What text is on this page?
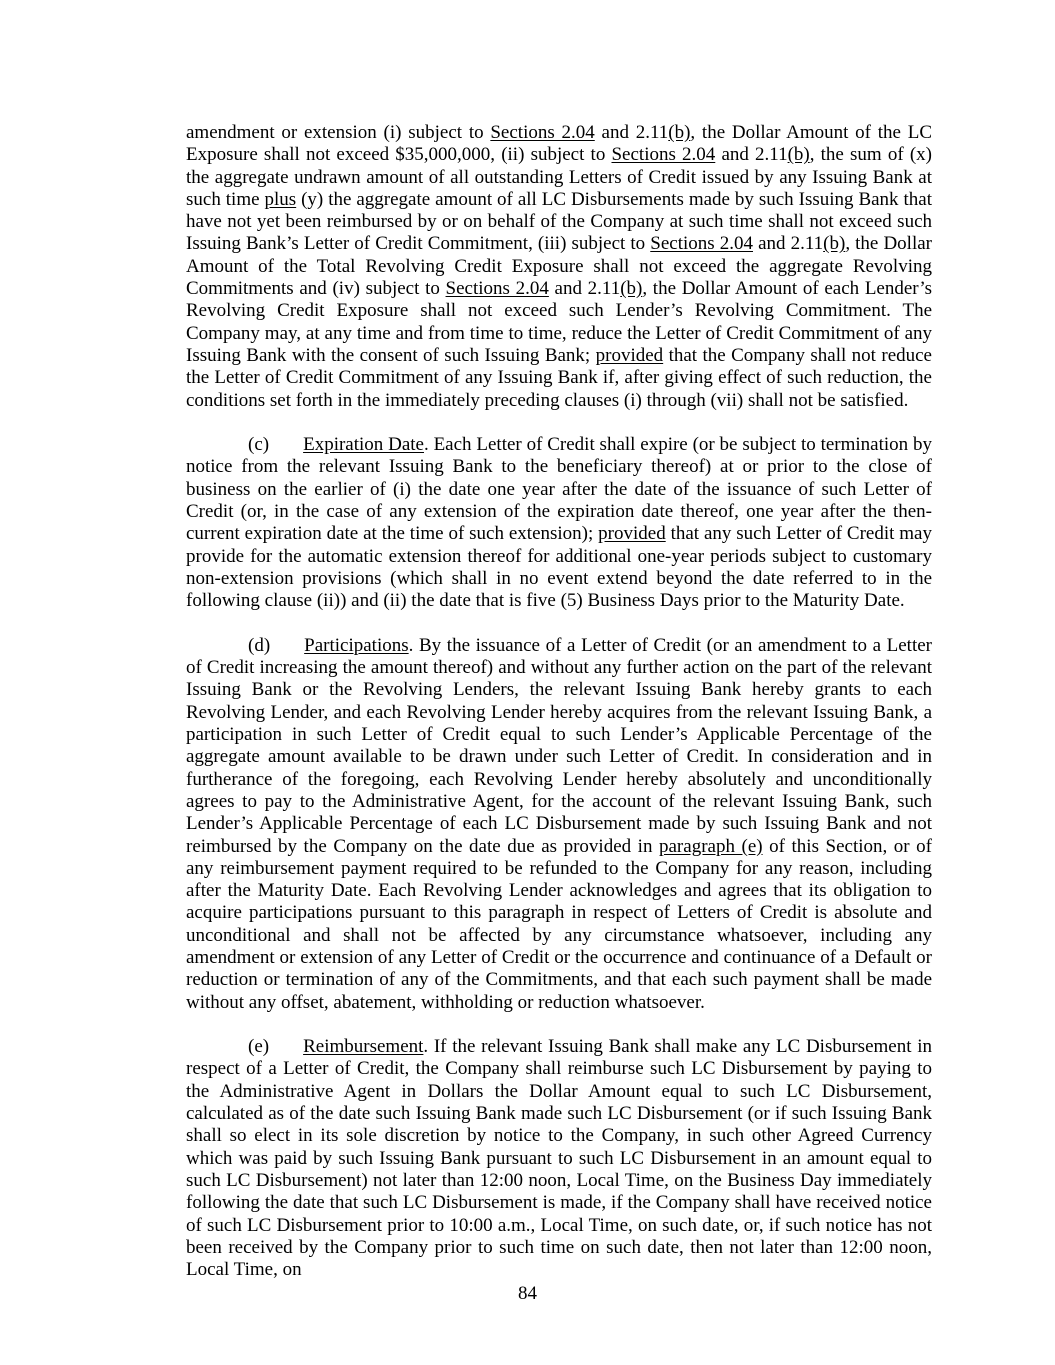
amendment or extension (i) subject to Sections 2.04 and 2.11(b), the Dollar Amount of the LC Exposure shall not exceed $35,000,000, (ii) subject to Sections 2.04 and 2.11(b), the sum of (x) the aggregate undrawn amount of all outstanding Letters of Credit issued by any Issuing Bank at such time plus (y) the aggregate amount of all LC Disbursements made by such Issuing Bank that have not yet been reimbursed by or on behalf of the Company at such time shall not exceed such Issuing Bank’s Letter of Credit Commitment, (iii) subject to Sections 2.04 and 2.11(b), the Dollar Amount of the Total Revolving Credit Exposure shall not exceed the aggregate Revolving Commitments and (iv) subject to Sections 2.04 and 2.11(b), the Dollar Amount of each Lender’s Revolving Credit Exposure shall not exceed such Lender’s Revolving Commitment. The Company may, at any time and from time to time, reduce the Letter of Credit Commitment of any Issuing Bank with the consent of such Issuing Bank; provided that the Company shall not reduce the Letter of Credit Commitment of any Issuing Bank if, after giving effect of such reduction, the conditions set forth in the immediately preceding clauses (i) through (vii) shall not be satisfied.

(c) Expiration Date. Each Letter of Credit shall expire (or be subject to termination by notice from the relevant Issuing Bank to the beneficiary thereof) at or prior to the close of business on the earlier of (i) the date one year after the date of the issuance of such Letter of Credit (or, in the case of any extension of the expiration date thereof, one year after the then-current expiration date at the time of such extension); provided that any such Letter of Credit may provide for the automatic extension thereof for additional one-year periods subject to customary non-extension provisions (which shall in no event extend beyond the date referred to in the following clause (ii)) and (ii) the date that is five (5) Business Days prior to the Maturity Date.

(d) Participations. By the issuance of a Letter of Credit (or an amendment to a Letter of Credit increasing the amount thereof) and without any further action on the part of the relevant Issuing Bank or the Revolving Lenders, the relevant Issuing Bank hereby grants to each Revolving Lender, and each Revolving Lender hereby acquires from the relevant Issuing Bank, a participation in such Letter of Credit equal to such Lender’s Applicable Percentage of the aggregate amount available to be drawn under such Letter of Credit. In consideration and in furtherance of the foregoing, each Revolving Lender hereby absolutely and unconditionally agrees to pay to the Administrative Agent, for the account of the relevant Issuing Bank, such Lender’s Applicable Percentage of each LC Disbursement made by such Issuing Bank and not reimbursed by the Company on the date due as provided in paragraph (e) of this Section, or of any reimbursement payment required to be refunded to the Company for any reason, including after the Maturity Date. Each Revolving Lender acknowledges and agrees that its obligation to acquire participations pursuant to this paragraph in respect of Letters of Credit is absolute and unconditional and shall not be affected by any circumstance whatsoever, including any amendment or extension of any Letter of Credit or the occurrence and continuance of a Default or reduction or termination of any of the Commitments, and that each such payment shall be made without any offset, abatement, withholding or reduction whatsoever.

(e) Reimbursement. If the relevant Issuing Bank shall make any LC Disbursement in respect of a Letter of Credit, the Company shall reimburse such LC Disbursement by paying to the Administrative Agent in Dollars the Dollar Amount equal to such LC Disbursement, calculated as of the date such Issuing Bank made such LC Disbursement (or if such Issuing Bank shall so elect in its sole discretion by notice to the Company, in such other Agreed Currency which was paid by such Issuing Bank pursuant to such LC Disbursement in an amount equal to such LC Disbursement) not later than 12:00 noon, Local Time, on the Business Day immediately following the date that such LC Disbursement is made, if the Company shall have received notice of such LC Disbursement prior to 10:00 a.m., Local Time, on such date, or, if such notice has not been received by the Company prior to such time on such date, then not later than 12:00 noon, Local Time, on

84
